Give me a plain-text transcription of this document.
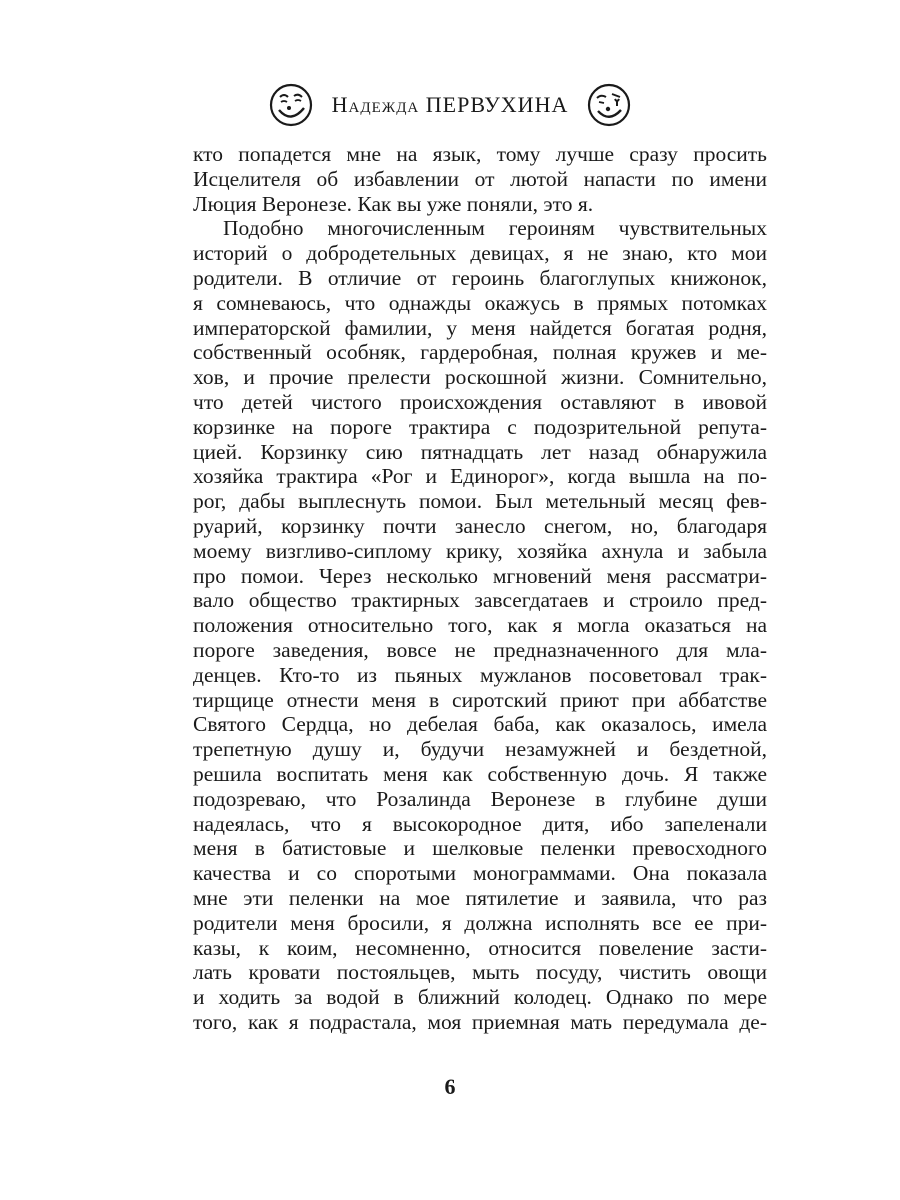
Надежда ПЕРВУХИНА
кто попадется мне на язык, тому лучше сразу просить
Исцелителя об избавлении от лютой напасти по имени
Люция Веронезе. Как вы уже поняли, это я.
Подобно многочисленным героиням чувствительных
историй о добродетельных девицах, я не знаю, кто мои
родители. В отличие от героинь благоглупых книжонок,
я сомневаюсь, что однажды окажусь в прямых потомках
императорской фамилии, у меня найдется богатая родня,
собственный особняк, гардеробная, полная кружев и ме-
хов, и прочие прелести роскошной жизни. Сомнительно,
что детей чистого происхождения оставляют в ивовой
корзинке на пороге трактира с подозрительной репута-
цией. Корзинку сию пятнадцать лет назад обнаружила
хозяйка трактира «Рог и Единорог», когда вышла на по-
рог, дабы выплеснуть помои. Был метельный месяц фев-
руарий, корзинку почти занесло снегом, но, благодаря
моему визгливо-сиплому крику, хозяйка ахнула и забыла
про помои. Через несколько мгновений меня рассматри-
вало общество трактирных завсегдатаев и строило пред-
положения относительно того, как я могла оказаться на
пороге заведения, вовсе не предназначенного для мла-
денцев. Кто-то из пьяных мужланов посоветовал трак-
тирщице отнести меня в сиротский приют при аббатстве
Святого Сердца, но дебелая баба, как оказалось, имела
трепетную душу и, будучи незамужней и бездетной,
решила воспитать меня как собственную дочь. Я также
подозреваю, что Розалинда Веронезе в глубине души
надеялась, что я высокородное дитя, ибо запеленали
меня в батистовые и шелковые пеленки превосходного
качества и со споротыми монограммами. Она показала
мне эти пеленки на мое пятилетие и заявила, что раз
родители меня бросили, я должна исполнять все ее при-
казы, к коим, несомненно, относится повеление засти-
лать кровати постояльцев, мыть посуду, чистить овощи
и ходить за водой в ближний колодец. Однако по мере
того, как я подрастала, моя приемная мать передумала де-
6
